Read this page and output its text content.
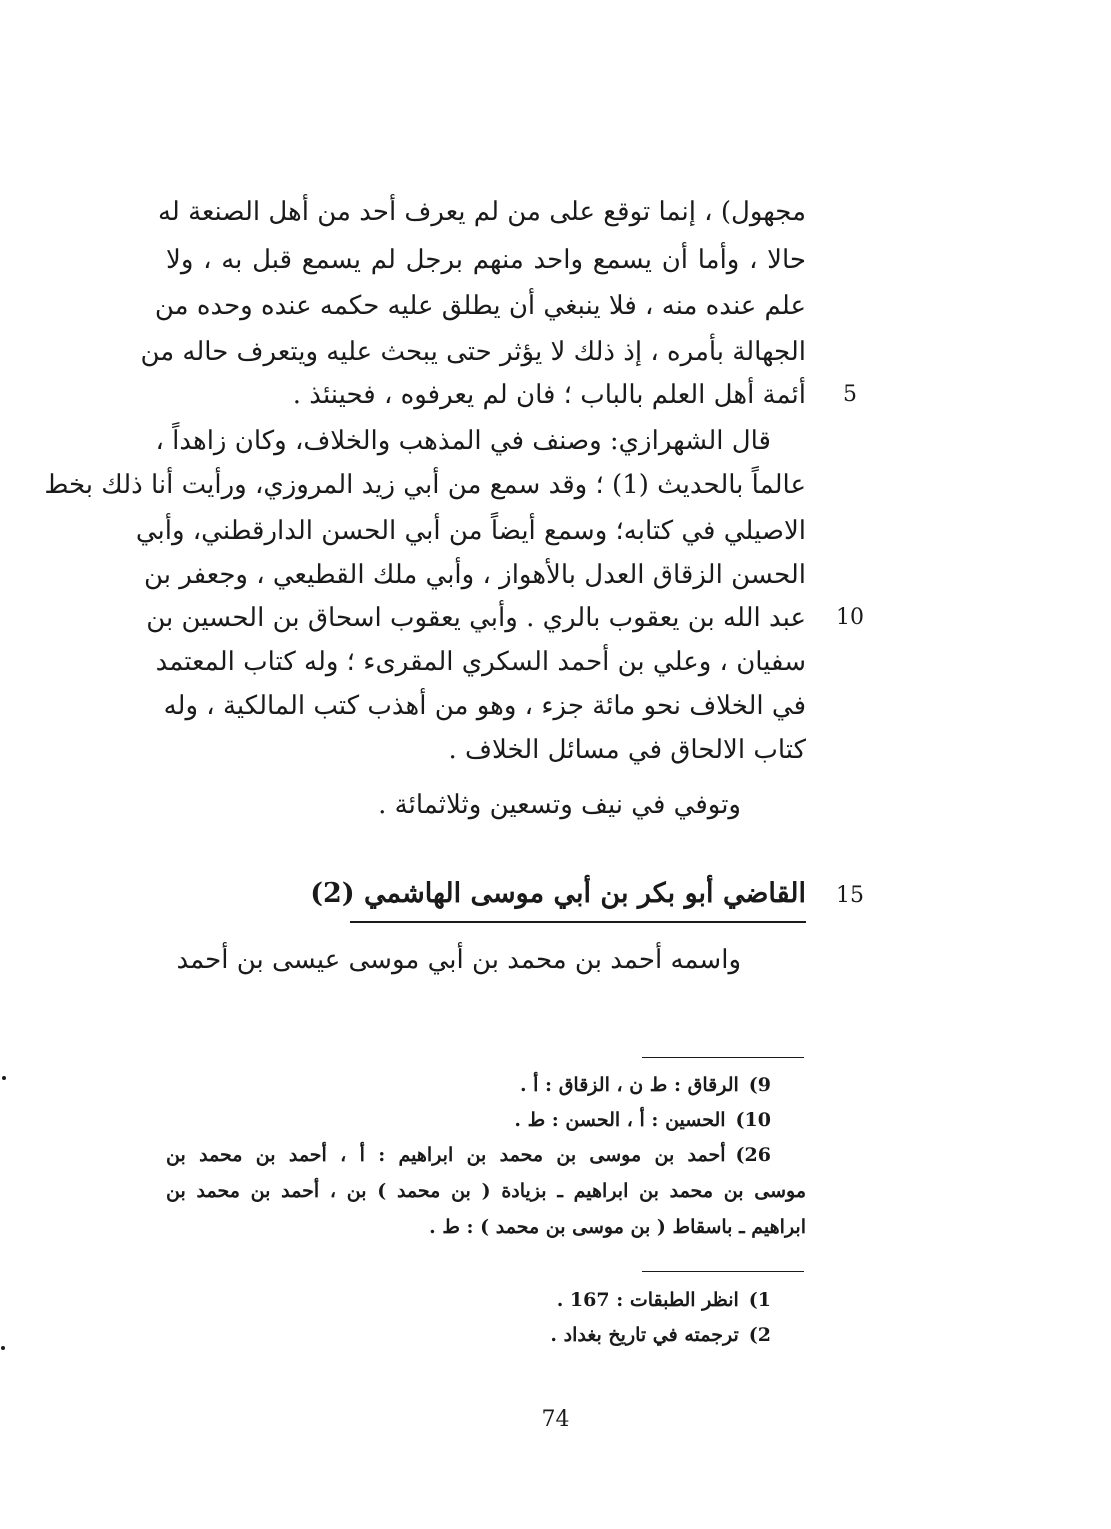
مجهول) ، إنما توقع على من لم يعرف أحد من أهل الصنعة له
حالا ، وأما أن يسمع واحد منهم برجل لم يسمع قبل به ، ولا
علم عنده منه ، فلا ينبغي أن يطلق عليه حكمه عنده وحده من
الجهالة بأمره ، إذ ذلك لا يؤثر حتى يبحث عليه ويتعرف حاله من
أئمة أهل العلم بالباب ؛ فان لم يعرفوه ، فحينئذ .	5
قال الشهرازي: وصنف في المذهب والخلاف، وكان زاهداً ،
عالماً بالحديث (1) ؛ وقد سمع من أبي زيد المروزي، ورأيت أنا ذلك بخط
الاصيلي في كتابه؛ وسمع أيضاً من أبي الحسن الدارقطني، وأبي
الحسن الزقاق العدل بالأهواز ، وأبي ملك القطيعي ، وجعفر بن
عبد الله بن يعقوب بالري . وأبي يعقوب اسحاق بن الحسين بن 10
سفيان ، وعلي بن أحمد السكري المقرىء ؛ وله كتاب المعتمد
في الخلاف نحو مائة جزء ، وهو من أهذب كتب المالكية ، وله
كتاب الالحاق في مسائل الخلاف .
وتوفي في نيف وتسعين وثلاثمائة .
القاضي أبو بكر بن أبي موسى الهاشمي (2) 15
واسمه أحمد بن محمد بن أبي موسى عيسى بن أحمد
9)الرقاق : ط ن ، الزقاق : أ .
10)الحسين : أ ، الحسن : ط .
26)أحمد بن موسى بن محمد بن ابراهيم : أ ، أحمد بن محمد بن
موسى بن محمد بن ابراهيم ـ بزيادة ( بن محمد ) بن ، أحمد بن محمد بن
ابراهيم ـ باسقاط ( بن موسى بن محمد ) : ط .
1)انظر الطبقات : 167 .
2)ترجمته في تاريخ بغداد .
74
